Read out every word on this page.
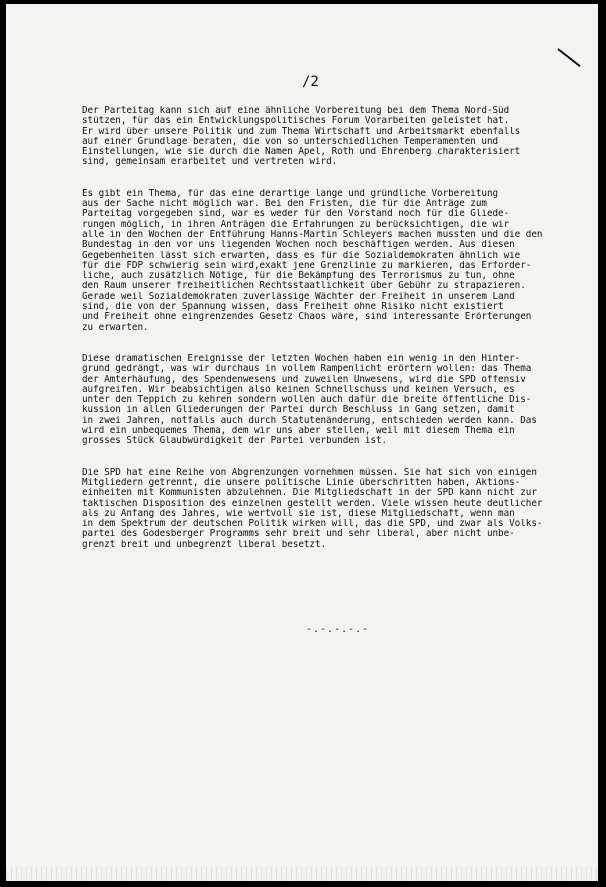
/2
Der Parteitag kann sich auf eine ähnliche Vorbereitung bei dem Thema Nord-Süd
stützen, für das ein Entwicklungspolitisches Forum Vorarbeiten geleistet hat.
Er wird über unsere Politik und zum Thema Wirtschaft und Arbeitsmarkt ebenfalls
auf einer Grundlage beraten, die von so unterschiedlichen Temperamenten und
Einstellungen, wie sie durch die Namen Apel, Roth und Ehrenberg charakterisiert
sind, gemeinsam erarbeitet und vertreten wird.
Es gibt ein Thema, für das eine derartige lange und gründliche Vorbereitung
aus der Sache nicht möglich war. Bei den Fristen, die für die Anträge zum
Parteitag vorgegeben sind, war es weder für den Vorstand noch für die Gliede-
rungen möglich, in ihren Anträgen die Erfahrungen zu berücksichtigen, die wir
alle in den Wochen der Entführung Hanns-Martin Schleyers machen mussten und die den
Bundestag in den vor uns liegenden Wochen noch beschäftigen werden. Aus diesen
Gegebenheiten lässt sich erwarten, dass es für die Sozialdemokraten ähnlich wie
für die FDP schwierig sein wird,exakt jene Grenzlinie zu markieren, das Erforder-
liche, auch zusätzlich Nötige, für die Bekämpfung des Terrorismus zu tun, ohne
den Raum unserer freiheitlichen Rechtsstaatlichkeit über Gebühr zu strapazieren.
Gerade weil Sozialdemokraten zuverlässige Wächter der Freiheit in unserem Land
sind, die von der Spannung wissen, dass Freiheit ohne Risiko nicht existiert
und Freiheit ohne eingrenzendes Gesetz Chaos wäre, sind interessante Erörterungen
zu erwarten.
Diese dramatischen Ereignisse der letzten Wochen haben ein wenig in den Hinter-
grund gedrängt, was wir durchaus in vollem Rampenlicht erörtern wollen: das Thema
der Ämterhäufung, des Spendenwesens und zuweilen Unwesens, wird die SPD offensiv
aufgreifen. Wir beabsichtigen also keinen Schnellschuss und keinen Versuch, es
unter den Teppich zu kehren sondern wollen auch dafür die breite öffentliche Dis-
kussion in allen Gliederungen der Partei durch Beschluss in Gang setzen, damit
in zwei Jahren, notfalls auch durch Statutenänderung, entschieden werden kann. Das
wird ein unbequemes Thema, dem wir uns aber stellen, weil mit diesem Thema ein
grosses Stück Glaubwürdigkeit der Partei verbunden ist.
Die SPD hat eine Reihe von Abgrenzungen vornehmen müssen. Sie hat sich von einigen
Mitgliedern getrennt, die unsere politische Linie überschritten haben, Aktions-
einheiten mit Kommunisten abzulehnen. Die Mitgliedschaft in der SPD kann nicht zur
taktischen Disposition des einzelnen gestellt werden. Viele wissen heute deutlicher
als zu Anfang des Jahres, wie wertvoll sie ist, diese Mitgliedschaft, wenn man
in dem Spektrum der deutschen Politik wirken will, das die SPD, und zwar als Volks-
partei des Godesberger Programms sehr breit und sehr liberal, aber nicht unbe-
grenzt breit und unbegrenzt liberal besetzt.
-.-.-.-.-
